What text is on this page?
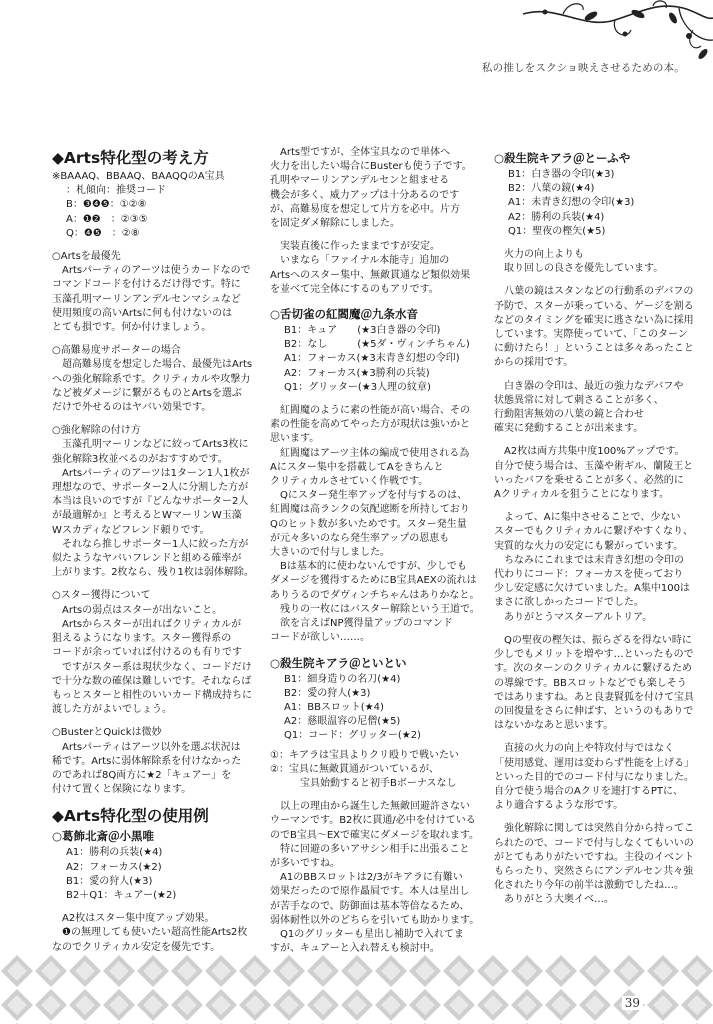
私の推しをスクショ映えさせるための本。
◆Arts特化型の考え方

※BAAAQ、BBAAQ、BAAQQのA宝具

：札傾向：推奨コード

B：❸❹❺：①②⑧

A：❶❷　：②③⑤

Q：❹❺　：②⑧

○Artsを最優先

　Artsパーティのアーツは使うカードなので

コマンドコードを付けるだけ得です。特に

玉藻孔明マーリンアンデルセンマシュなど

使用頻度の高いArtsに何も付けないのは

とても損です。何か付けましょう。

○高難易度サポーターの場合

　超高難易度を想定した場合、最優先はArts

への強化解除系です。クリティカルや攻撃力

など被ダメージに繋がるものとArtsを選ぶ

だけで外せるのはヤバい効果です。

○強化解除の付け方

　玉藻孔明マーリンなどに絞ってArts3枚に

強化解除3枚並べるのがおすすめです。

　Artsパーティのアーツは1ターン1人1枚が

理想なので、サポーター2人に分割した方が

本当は良いのですが『どんなサポーター2人

が最適解か』と考えるとWマーリンW玉藻

Wスカディなどフレンド頼りです。

　それなら推しサポーター1人に絞った方が

似たようなヤバいフレンドと組める確率が

上がります。2枚なら、残り1枚は弱体解除。

○スター獲得について

　Artsの弱点はスターが出ないこと。

　Artsからスターが出ればクリティカルが

狙えるようになります。スター獲得系の

コードが余っていれば付けるのも有りです

　ですがスター系は現状少なく、コードだけ

で十分な数の確保は難しいです。それならば

もっとスターと相性のいいカード構成持ちに

渡した方がよいでしょう。

○BusterとQuickは微妙

　Artsパーティはアーツ以外を選ぶ状況は

稀です。Artsに弱体解除系を付けなかった

のであれば8Q両方に★2「キュアー」を

付けて置くと保険になります。

◆Arts特化型の使用例
○葛飾北斎＠小黒唯

A1：勝利の兵装(★4)

A2：フォーカス(★2)

B1：愛の狩人(★3)

B2＋Q1：キュアー(★2)

　A2枚はスター集中度アップ効果。

　❶の無理しても使いたい超高性能Arts2枚

なのでクリティカル安定を優先です。

　Arts型ですが、全体宝具なので単体へ

火力を出したい場合にBusterも使う子です。

孔明やマーリンアンデルセンと組ませる

機会が多く、威力アップは十分あるのです

が、高難易度を想定して片方を必中。片方

を固定ダメ解除にしました。

　実装直後に作ったままですが安定。

　いまなら「ファイナル本能寺」追加の

Artsへのスター集中、無敵貫通など類似効果

を並べて完全体にするのもアリです。

○舌切雀の紅閻魔＠九条水音

B1：キュア　　(★3白き器の令印)

B2：なし　　　(★5ダ・ヴィンチちゃん)

A1：フォーカス(★3末青き幻想の令印)

A2：フォーカス(★3勝利の兵装)

Q1：グリッター(★3人理の紋章)

　紅閻魔のように素の性能が高い場合、その

素の性能を高めてやった方が現状は強いかと

思います。

　紅閻魔はアーツ主体の編成で使用される為

Aにスター集中を搭載してAをきちんと

クリティカルさせていく作戦です。

　Qにスター発生率アップを付与するのは、

紅閻魔は高ランクの気配遮断を所持しており

Qのヒット数が多いためです。スター発生量

が元々多いのなら発生率アップの恩恵も

大きいので付与しました。

　Bは基本的に使わないんですが、少しでも

ダメージを獲得するためにB宝具AEXの流れは

ありうるのでダヴィンチちゃんはありかなと。

　残りの一枚にはバスター解除という王道で。

　欲を言えばNP獲得量アップのコマンド

コードが欲しい……。

○殺生院キアラ＠といとい

B1：細身造りの名刀(★4)

B2：愛の狩人(★3)

A1：BBスロット(★4)

A2：慈眼温容の尼僧(★5)

Q1：コード：グリッター(★2)

①：キアラは宝具よりクリ殴りで戦いたい

②：宝具に無敵貫通がついているが、

宝具始動すると初手Bボーナスなし

　以上の理由から誕生した無敵回避許さない

ウーマンです。B2枚に貫通/必中を付けている

のでB宝具〜EXで確実にダメージを取れます。

　特に回避の多いアサシン相手に出張ること

が多いですね。

　A1のBBスロットは2/3がキアラに有難い

効果だったので原作贔屓です。本人は星出し

が苦手なので、防御面は基本等倍なるため、

弱体耐性以外のどちらを引いても助かります。

　Q1のグリッターも星出し補助で入れてま

すが、キュアーと入れ替えも検討中。

○殺生院キアラ＠とーふや

B1：白き器の令印(★3)

B2：八葉の鏡(★4)

A1：未青き幻想の令印(★3)

A2：勝利の兵装(★4)

Q1：聖夜の樫矢(★5)

　火力の向上よりも

　取り回しの良さを優先しています。

　八葉の鏡はスタンなどの行動系のデバフの

予防で、スターが乗っている、ゲージを割る

などのタイミングを確実に逃さない為に採用

しています。実際使っていて、「このターン

に動けたら！」ということは多々あったこと

からの採用です。

　白き器の令印は、最近の強力なデバフや

状態異常に対して刺さることが多く、

行動阻害無効の八葉の鏡と合わせ

確実に発動することが出来ます。

　A2枚は両方共集中度100%アップです。

自分で使う場合は、玉藻や術ギル、蘭陵王と

いったバフを乗せることが多く、必然的に

Aクリティカルを狙うことになります。

　よって、Aに集中させることで、少ない

スターでもクリティカルに繋げやすくなり、

実質的な火力の安定にも繋がっています。

　ちなみにこれまでは末青き幻想の令印の

代わりにコード：フォーカスを使っており

少し安定感に欠けていました。A集中100は

まさに欲しかったコードでした。

　ありがとうマスターアルトリア。

　Qの聖夜の樫矢は、振らざるを得ない時に

少しでもメリットを増やす…といったもので

す。次のターンのクリティカルに繋げるため

の導線です。BBスロットなどでも楽しそう

ではありますね。あと良妻賢狐を付けて宝具

の回復量をさらに伸ばす、というのもありで

はないかなあと思います。

　直接の火力の向上や特攻付与ではなく

「使用感覚、運用は変わらず性能を上げる」

といった目的でのコード付与になりました。

自分で使う場合のAクリを連打するPTに、

より適合するような形です。

　強化解除に関しては突然自分から持ってこ

られたので、コードで付与しなくてもいいの

がとてもありがたいですね。主役のイベント

もらったり、突然さらにアンデルセン共々強

化されたり今年の前半は激動でしたね…。

　ありがとう大奥イベ…。

39
